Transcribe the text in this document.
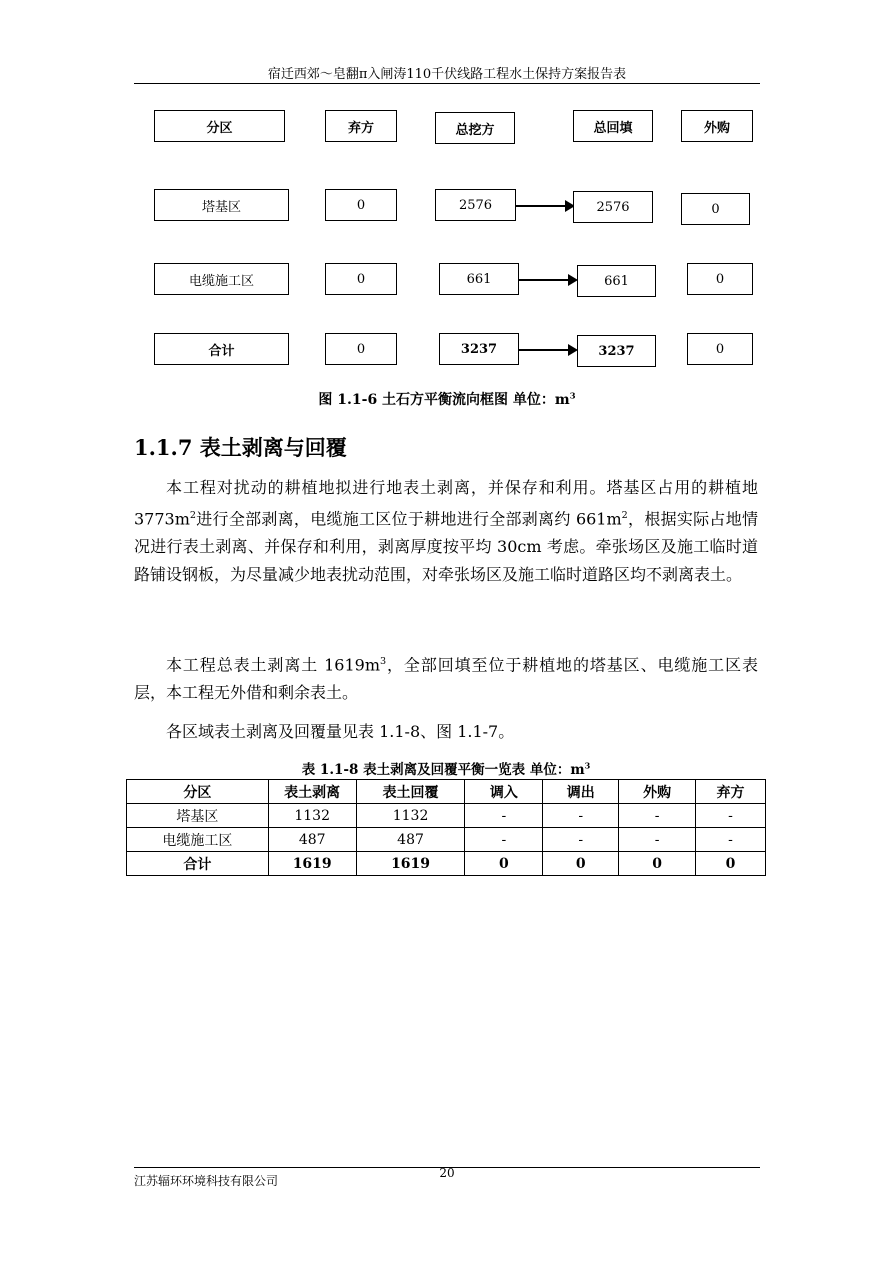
宿迁西郊～皂翻π入闸涛110千伏线路工程水土保持方案报告表
分区	弃方	总挖方	总回填	外购
塔基区	0	2576	2576	0
电缆施工区	0	661	661	0
合计	0	3237	3237	0
图 1.1-6 土石方平衡流向框图 单位：$m^3$
1.1.7 表土剥离与回覆

本工程对扰动的耕植地拟进行地表土剥离，并保存和利用。塔基区占用的耕植地 $3773m^2$进行全部剥离，电缆施工区位于耕地进行全部剥离约 $661m^2$，根据实际占地情况进行表土剥离、并保存和利用，剥离厚度按平均 30cm 考虑。牵张场区及施工临时道路铺设钢板，为尽量减少地表扰动范围，对牵张场区及施工临时道路区均不剥离表土。

本工程总表土剥离土 $1619m^3$，全部回填至位于耕植地的塔基区、电缆施工区表层，本工程无外借和剩余表土。

各区域表土剥离及回覆量见表 1.1-8、图 1.1-7。

表 1.1-8 表土剥离及回覆平衡一览表 单位：$m^3$
分区	表土剥离	表土回覆	调入	调出	外购	弃方
塔基区	1132	1132	-	-	-	-
电缆施工区	487	487	-	-	-	-
合计	1619	1619	0	0	0	0
20
江苏辐环环境科技有限公司
